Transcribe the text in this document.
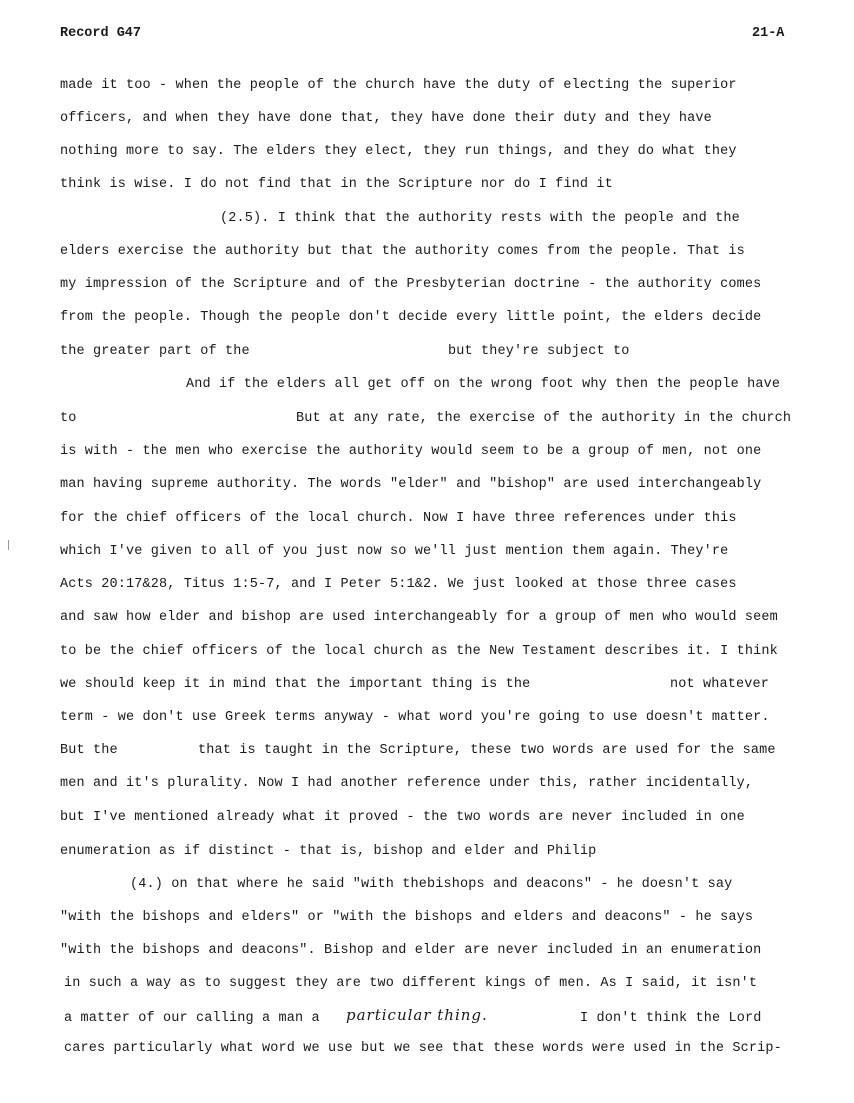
Record G47	21-A
made it too - when the people of the church have the duty of electing the superior
officers, and when they have done that, they have done their duty and they have
nothing more to say. The elders they elect, they run things, and they do what they
think is wise. I do not find that in the Scripture nor do I find it
(2.5). I think that the authority rests with the people and the
elders exercise the authority but that the authority comes from the people. That is
my impression of the Scripture and of the Presbyterian doctrine - the authority comes
from the people. Though the people don't decide every little point, the elders decide
the greater part of the	but they're subject to
And if the elders all get off on the wrong foot why then the people have
to	But at any rate, the exercise of the authority in the church
is with - the men who exercise the authority would seem to be a group of men, not one
man having supreme authority. The words "elder" and "bishop" are used interchangeably
for the chief officers of the local church. Now I have three references under this
which I've given to all of you just now so we'll just mention them again. They're
Acts 20:17&28, Titus 1:5-7, and I Peter 5:1&2. We just looked at those three cases
and saw how elder and bishop are used interchangeably for a group of men who would seem
to be the chief officers of the local church as the New Testament describes it. I think
we should keep it in mind that the important thing is the	not whatever
term - we don't use Greek terms anyway - what word you're going to use doesn't matter.
But the	that is taught in the Scripture, these two words are used for the same
men and it's plurality. Now I had another reference under this, rather incidentally,
but I've mentioned already what it proved - the two words are never included in one
enumeration as if distinct - that is, bishop and elder and Philip
(4.) on that where he said "with thebishops and deacons" - he doesn't say
"with the bishops and elders" or "with the bishops and elders and deacons" - he says
"with the bishops and deacons". Bishop and elder are never included in an enumeration
in such a way as to suggest they are two different kings of men. As I said, it isn't
a matter of our calling a man a particular thing.	I don't think the Lord
cares particularly what word we use but we see that these words were used in the Scrip-
